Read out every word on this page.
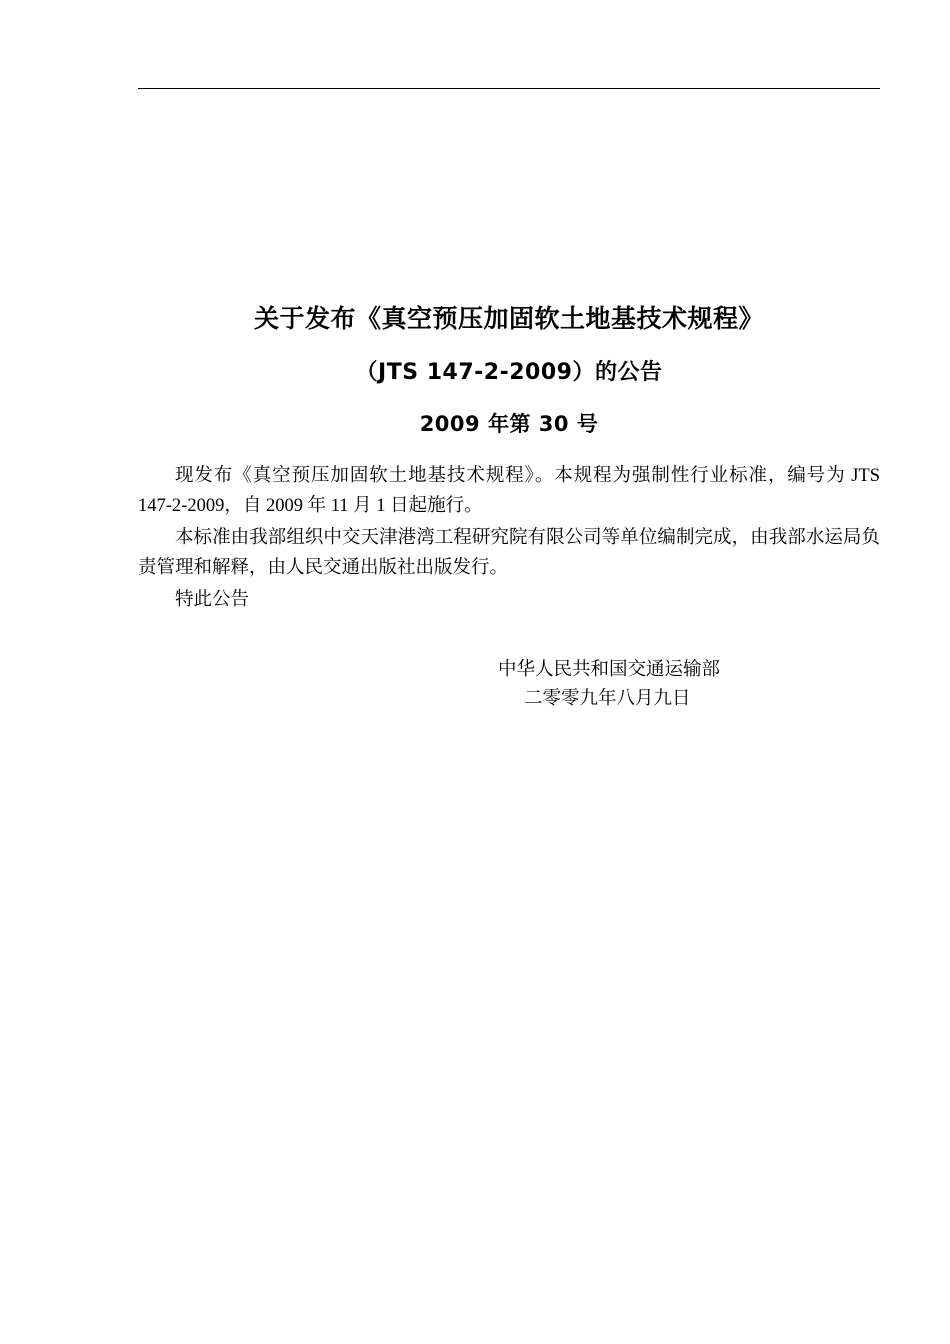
关于发布《真空预压加固软土地基技术规程》
（JTS 147-2-2009）的公告
2009 年第 30 号

现发布《真空预压加固软土地基技术规程》。本规程为强制性行业标准，编号为 JTS 147-2-2009，自 2009 年 11 月 1 日起施行。

本标准由我部组织中交天津港湾工程研究院有限公司等单位编制完成，由我部水运局负责管理和解释，由人民交通出版社出版发行。

特此公告

中华人民共和国交通运输部
二零零九年八月九日
